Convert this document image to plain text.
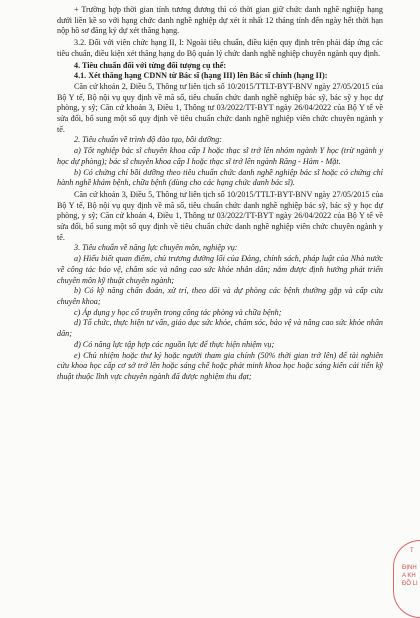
+ Trường hợp thời gian tính tương đương thì có thời gian giữ chức danh nghề nghiệp hạng dưới liền kề so với hạng chức danh nghề nghiệp dự xét ít nhất 12 tháng tính đến ngày hết thời hạn nộp hồ sơ đăng ký dự xét thăng hạng.

3.2. Đối với viên chức hạng II, I: Ngoài tiêu chuẩn, điều kiện quy định trên phải đáp ứng các tiêu chuẩn, điều kiện xét thăng hạng do Bộ quản lý chức danh nghề nghiệp chuyên ngành quy định.

4. Tiêu chuẩn đối với từng đối tượng cụ thể:

4.1. Xét thăng hạng CDNN từ Bác sĩ (hạng III) lên Bác sĩ chính (hạng II):

Căn cứ khoản 2, Điều 5, Thông tư liên tịch số 10/2015/TTLT-BYT-BNV ngày 27/05/2015 của Bộ Y tế, Bộ nội vụ quy định về mã số, tiêu chuẩn chức danh nghề nghiệp bác sỹ, bác sỹ y học dự phòng, y sỹ; Căn cứ khoản 3, Điều 1, Thông tư 03/2022/TT-BYT ngày 26/04/2022 của Bộ Y tế về sửa đổi, bổ sung một số quy định về tiêu chuẩn chức danh nghề nghiệp viên chức chuyên ngành y tế.

2. Tiêu chuẩn về trình độ đào tạo, bồi dưỡng:

a) Tốt nghiệp bác sĩ chuyên khoa cấp I hoặc thạc sĩ trở lên nhóm ngành Y học (trừ ngành y học dự phòng); bác sĩ chuyên khoa cấp I hoặc thạc sĩ trở lên ngành Răng - Hàm - Mặt.

b) Có chứng chỉ bồi dưỡng theo tiêu chuẩn chức danh nghề nghiệp bác sĩ hoặc có chứng chỉ hành nghề khám bệnh, chữa bệnh (dùng cho các hạng chức danh bác sĩ).

Căn cứ khoản 3, Điều 5, Thông tư liên tịch số 10/2015/TTLT-BYT-BNV ngày 27/05/2015 của Bộ Y tế, Bộ nội vụ quy định về mã số, tiêu chuẩn chức danh nghề nghiệp bác sỹ, bác sỹ y học dự phòng, y sỹ; Căn cứ khoản 4, Điều 1, Thông tư 03/2022/TT-BYT ngày 26/04/2022 của Bộ Y tế về sửa đổi, bổ sung một số quy định về tiêu chuẩn chức danh nghề nghiệp viên chức chuyên ngành y tế.

3. Tiêu chuẩn về năng lực chuyên môn, nghiệp vụ:

a) Hiểu biết quan điểm, chủ trương đường lối của Đảng, chính sách, pháp luật của Nhà nước về công tác bảo vệ, chăm sóc và nâng cao sức khỏe nhân dân; nắm được định hướng phát triển chuyên môn kỹ thuật chuyên ngành;

b) Có kỹ năng chẩn đoán, xử trí, theo dõi và dự phòng các bệnh thường gặp và cấp cứu chuyên khoa;

c) Áp dụng y học cổ truyền trong công tác phòng và chữa bệnh;

d) Tổ chức, thực hiện tư vấn, giáo dục sức khỏe, chăm sóc, bảo vệ và nâng cao sức khỏe nhân dân;

đ) Có năng lực tập hợp các nguồn lực để thực hiện nhiệm vụ;

e) Chủ nhiệm hoặc thư ký hoặc người tham gia chính (50% thời gian trở lên) để tài nghiên cứu khoa học cấp cơ sở trở lên hoặc sáng chế hoặc phát minh khoa học hoặc sáng kiến cải tiến kỹ thuật thuộc lĩnh vực chuyên ngành đã được nghiệm thu đạt;

T
ĐỊNH
A KH
ĐỒ LI
